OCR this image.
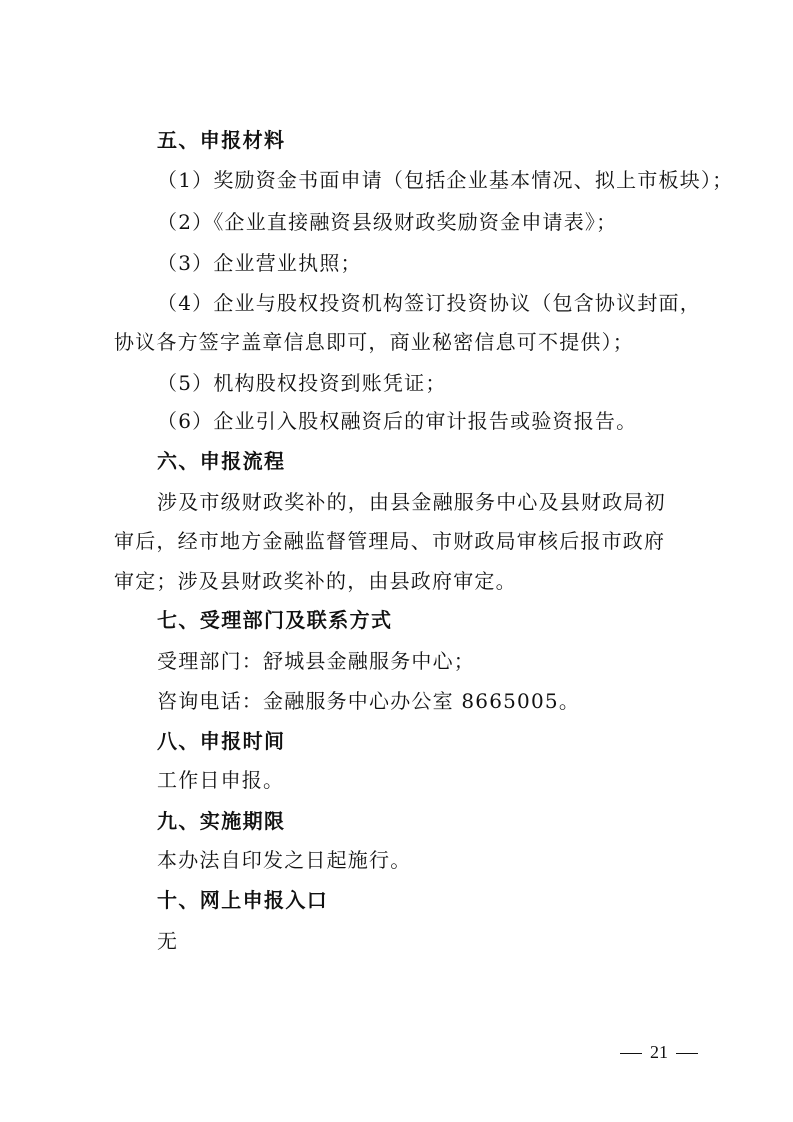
五、申报材料
（1）奖励资金书面申请（包括企业基本情况、拟上市板块）；
（2）《企业直接融资县级财政奖励资金申请表》；
（3）企业营业执照；
（4）企业与股权投资机构签订投资协议（包含协议封面，
协议各方签字盖章信息即可，商业秘密信息可不提供）；
（5）机构股权投资到账凭证；
（6）企业引入股权融资后的审计报告或验资报告。
六、申报流程
涉及市级财政奖补的，由县金融服务中心及县财政局初
审后，经市地方金融监督管理局、市财政局审核后报市政府
审定；涉及县财政奖补的，由县政府审定。
七、受理部门及联系方式
受理部门：舒城县金融服务中心；
咨询电话：金融服务中心办公室 8665005。
八、申报时间
工作日申报。
九、实施期限
本办法自印发之日起施行。
十、网上申报入口
无
21
